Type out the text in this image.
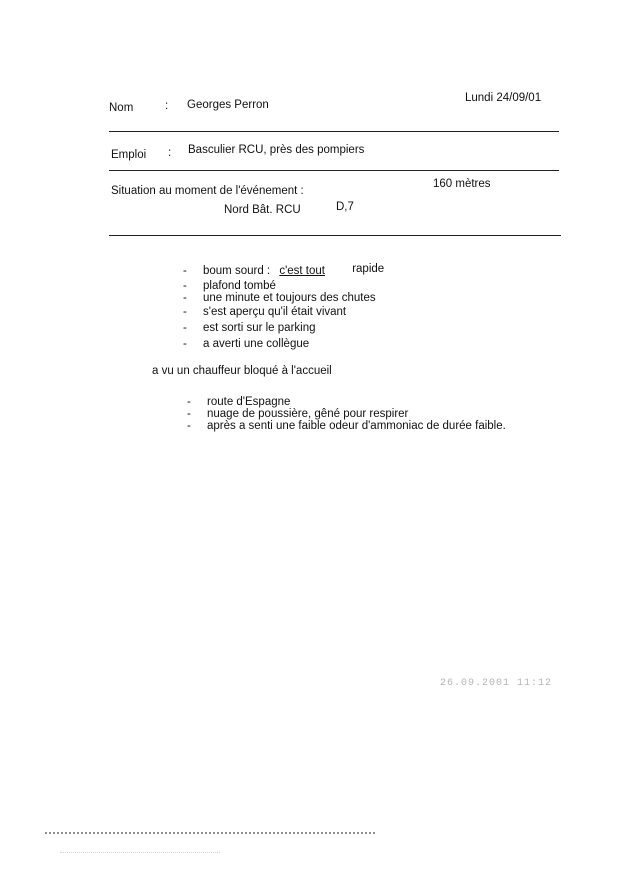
Nom	: Georges Perron
Lundi 24/09/01
Emploi : Basculier RCU, près des pompiers
Situation au moment de l'événement :
160 mètres
Nord Bât. RCU	D,7
- boum sourd : c'est tout rapide
- plafond tombé
- une minute et toujours des chutes
- s'est aperçu qu'il était vivant
- est sorti sur le parking
- a averti une collègue
a vu un chauffeur bloqué à l'accueil
- route d'Espagne
- nuage de poussière, gêné pour respirer
- après a senti une faible odeur d'ammoniac de durée faible.
26.09.2001 11:12
